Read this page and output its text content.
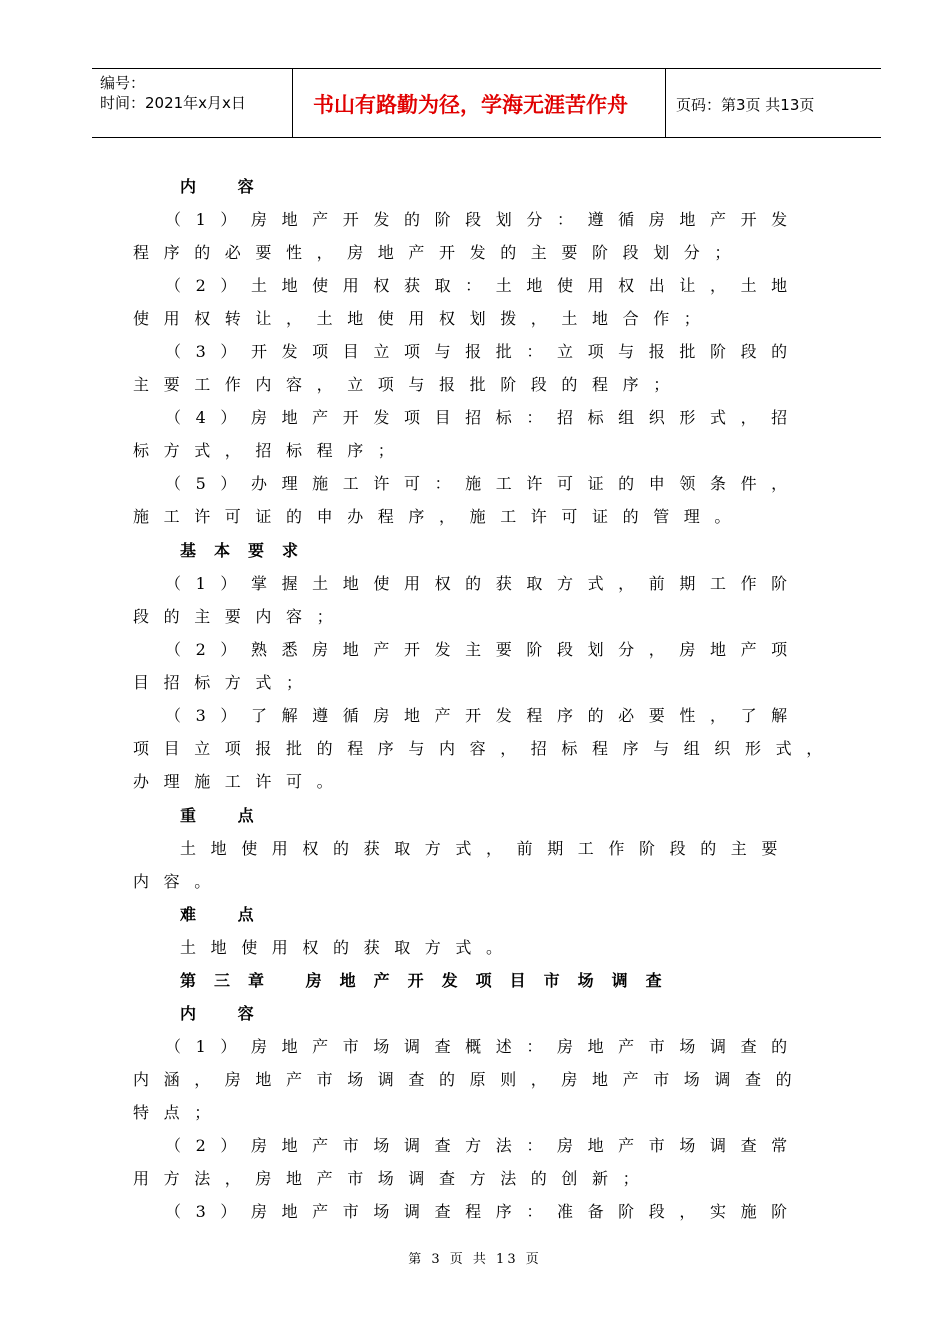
编号：
时间：2021年x月x日	书山有路勤为径，学海无涯苦作舟	页码：第3页 共13页
内 容
（1）房地产开发的阶段划分：遵循房地产开发
程序的必要性，房地产开发的主要阶段划分；
（2）土地使用权获取：土地使用权出让，土地
使用权转让，土地使用权划拨，土地合作；
（3）开发项目立项与报批：立项与报批阶段的
主要工作内容，立项与报批阶段的程序；
（4）房地产开发项目招标：招标组织形式，招
标方式，招标程序；
（5）办理施工许可：施工许可证的申领条件，
施工许可证的申办程序，施工许可证的管理。
基本要求
（1）掌握土地使用权的获取方式，前期工作阶
段的主要内容；
（2）熟悉房地产开发主要阶段划分，房地产项
目招标方式；
（3）了解遵循房地产开发程序的必要性，了解
项目立项报批的程序与内容，招标程序与组织形式，
办理施工许可。
重 点
土地使用权的获取方式，前期工作阶段的主要
内容。
难 点
土地使用权的获取方式。
第三章 房地产开发项目市场调查
内 容
（1）房地产市场调查概述：房地产市场调查的
内涵，房地产市场调查的原则，房地产市场调查的
特点；
（2）房地产市场调查方法：房地产市场调查常
用方法，房地产市场调查方法的创新；
（3）房地产市场调查程序：准备阶段，实施阶
第 3 页 共 13 页
